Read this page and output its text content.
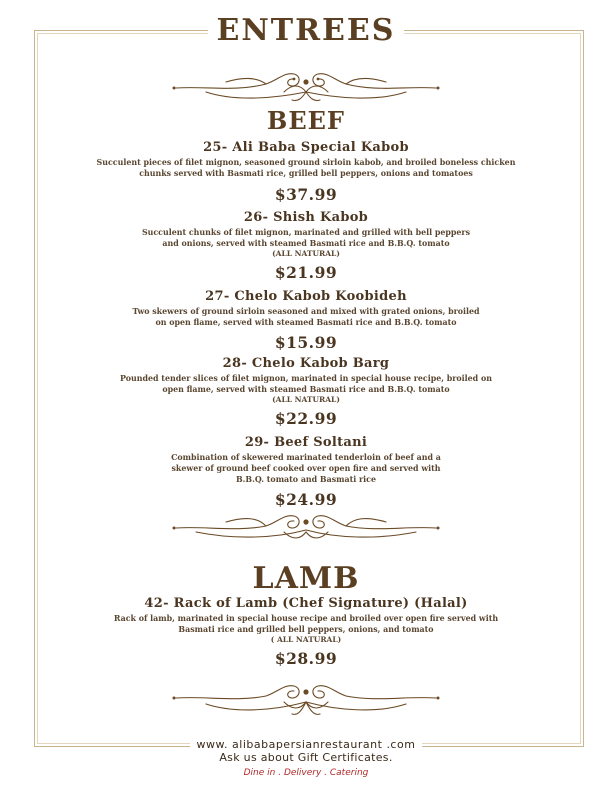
ENTREES
BEEF
25- Ali Baba Special Kabob
Succulent pieces of filet mignon, seasoned ground sirloin kabob, and broiled boneless chicken
chunks served with Basmati rice, grilled bell peppers, onions and tomatoes
$37.99
26- Shish Kabob
Succulent chunks of filet mignon, marinated and grilled with bell peppers
and onions, served with steamed Basmati rice and B.B.Q. tomato
(ALL NATURAL)
$21.99
27- Chelo Kabob Koobideh
Two skewers of ground sirloin seasoned and mixed with grated onions, broiled
on open flame, served with steamed Basmati rice and B.B.Q. tomato
$15.99
28- Chelo Kabob Barg
Pounded tender slices of filet mignon, marinated in special house recipe, broiled on
open flame, served with steamed Basmati rice and B.B.Q. tomato
(ALL NATURAL)
$22.99
29- Beef Soltani
Combination of skewered marinated tenderloin of beef and a
skewer of ground beef cooked over open fire and served with
B.B.Q. tomato and Basmati rice
$24.99
LAMB
42- Rack of Lamb (Chef Signature) (Halal)
Rack of lamb, marinated in special house recipe and broiled over open fire served with
Basmati rice and grilled bell peppers, onions, and tomato
( ALL NATURAL)
$28.99
www. alibabapersianrestaurant .com
Ask us about Gift Certificates.
Dine in . Delivery . Catering
